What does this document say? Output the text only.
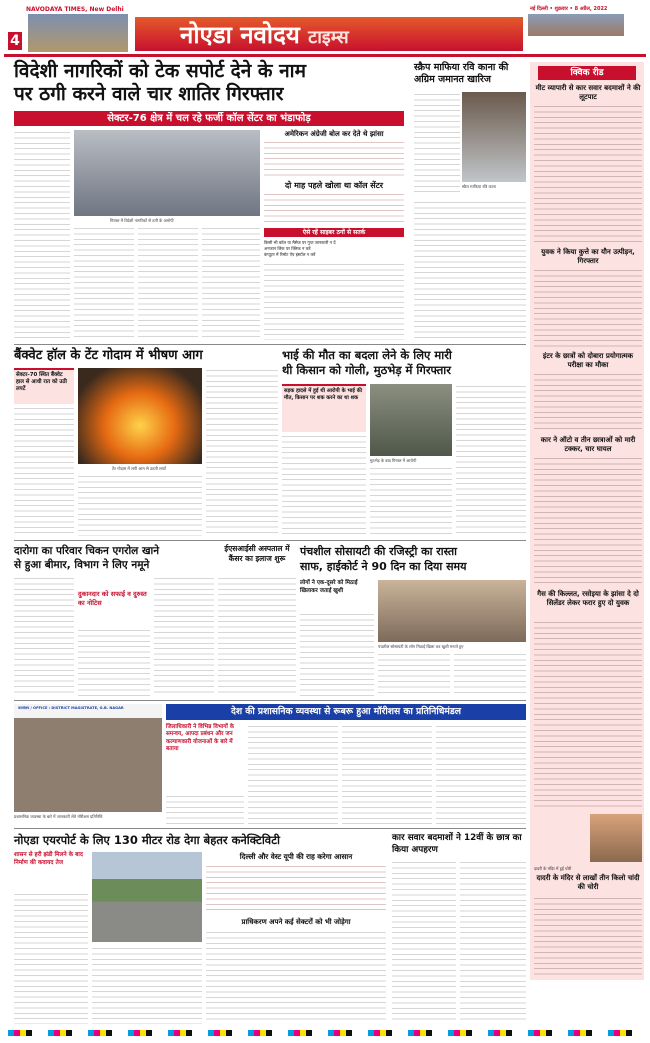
NAVODAYA TIMES, New Delhi
4	नोएडा नवोदय टाइम्स
नई दिल्ली • शुक्रवार • 8 अप्रैल, 2022
विदेशी नागरिकों को टेक सपोर्ट देने के नाम
पर ठगी करने वाले चार शातिर गिरफ्तार
सेक्टर-76 क्षेत्र में चल रहे फर्जी कॉल सेंटर का भंडाफोड़
गिरफ्त में विदेशी नागरिकों से ठगी के आरोपी
अमेरिकन अंग्रेजी बोल कर देते थे झांसा
दो माह पहले खोला था कॉल सेंटर
ऐसे रहें साइबर ठगों से सतर्क
किसी भी कॉल या मैसेज पर गुप्त जानकारी न दें
अनजान लिंक पर क्लिक न करें
कंप्यूटर में रिमोट ऐप इंस्टॉल न करें
स्क्रैप माफिया रवि काना की अग्रिम जमानत खारिज
स्क्रैप माफिया रवि काना
क्विक रीड
मीट व्यापारी से कार सवार बदमाशों ने की लूटपाट
युवक ने किया कुत्ते का यौन उत्पीड़न, गिरफ्तार
इंटर के छात्रों को दोबारा प्रयोगात्मक परीक्षा का मौका
कार ने ऑटो व तीन छात्राओं को मारी टक्कर, चार घायल
गैस की किल्लत, रसोइया के झांसा दे दो सिलेंडर लेकर फरार हुए दो युवक
दादरी के मंदिर में हुई चोरी
दादरी के मंदिर से लाखों तीन किलो चांदी की चोरी
बैंक्वेट हॉल के टेंट गोदाम में भीषण आग
सेक्टर-70 स्थित बैंक्वेट हाल से आधी रात को उठी लपटें
टेंट गोदाम में लगी आग से उठती लपटें
भाई की मौत का बदला लेने के लिए मारी
थी किसान को गोली, मुठभेड़ में गिरफ्तार
सड़क हादसे में हुई थी आरोपी के भाई की मौत, किसान पर शक करने का था शक
मुठभेड़ के बाद गिरफ्त में आरोपी
दारोगा का परिवार चिकन एगरोल खाने
से हुआ बीमार, विभाग ने लिए नमूने
दुकानदार को सफाई व दुरुस्त का नोटिस
ईएसआईसी अस्पताल में कैंसर का इलाज शुरू
पंचशील सोसायटी की रजिस्ट्री का रास्ता
साफ, हाईकोर्ट ने 90 दिन का दिया समय
लोगों ने एक-दूसरे को मिठाई खिलाकर जताई खुशी
पंचशील सोसायटी के लोग मिठाई खिला कर खुशी मनाते हुए
कार्यालय / OFFICE : DISTRICT MAGISTRATE, G.B. NAGAR
प्रशासनिक व्यवस्था के बारे में जानकारी लेते मॉरीशस प्रतिनिधि
देश की प्रशासनिक व्यवस्था से रूबरू हुआ मॉरीशस का प्रतिनिधिमंडल
जिलाधिकारी ने विभिन्न विभागों के समन्वय, आपदा प्रबंधन और जन कल्याणकारी योजनाओं के बारे में बताया
नोएडा एयरपोर्ट के लिए 130 मीटर रोड देगा बेहतर कनेक्टिविटी
शासन से हरी झंडी मिलने के बाद निर्माण की कवायद तेज
दिल्ली और वेस्ट यूपी की राह करेगा आसान
प्राधिकरण अपने कई सेक्टरों को भी जोड़ेगा
कार सवार बदमाशों ने 12वीं के छात्र का किया अपहरण
